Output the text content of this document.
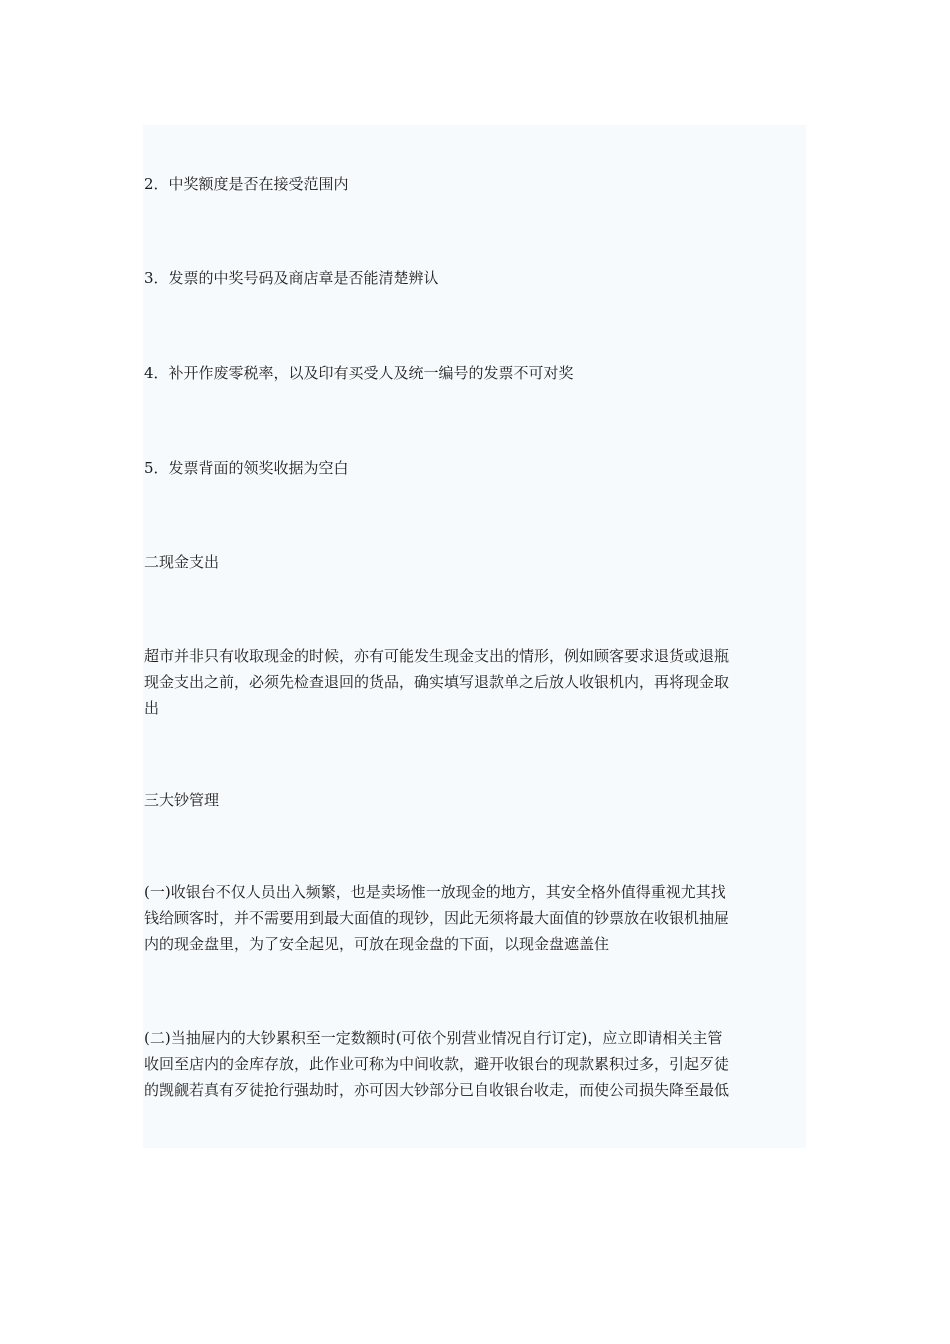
2．中奖额度是否在接受范围内
3．发票的中奖号码及商店章是否能清楚辨认
4．补开作废零税率，以及印有买受人及统一编号的发票不可对奖
5．发票背面的领奖收据为空白
二现金支出
超市并非只有收取现金的时候，亦有可能发生现金支出的情形，例如顾客要求退货或退瓶
现金支出之前，必须先检查退回的货品，确实填写退款单之后放人收银机内，再将现金取
出
三大钞管理
(一)收银台不仅人员出入频繁，也是卖场惟一放现金的地方，其安全格外值得重视尤其找
钱给顾客时，并不需要用到最大面值的现钞，因此无须将最大面值的钞票放在收银机抽屉
内的现金盘里，为了安全起见，可放在现金盘的下面，以现金盘遮盖住
(二)当抽屉内的大钞累积至一定数额时(可依个别营业情况自行订定)，应立即请相关主管
收回至店内的金库存放，此作业可称为中间收款，避开收银台的现款累积过多，引起歹徒
的觊觎若真有歹徒抢行强劫时，亦可因大钞部分已自收银台收走，而使公司损失降至最低
